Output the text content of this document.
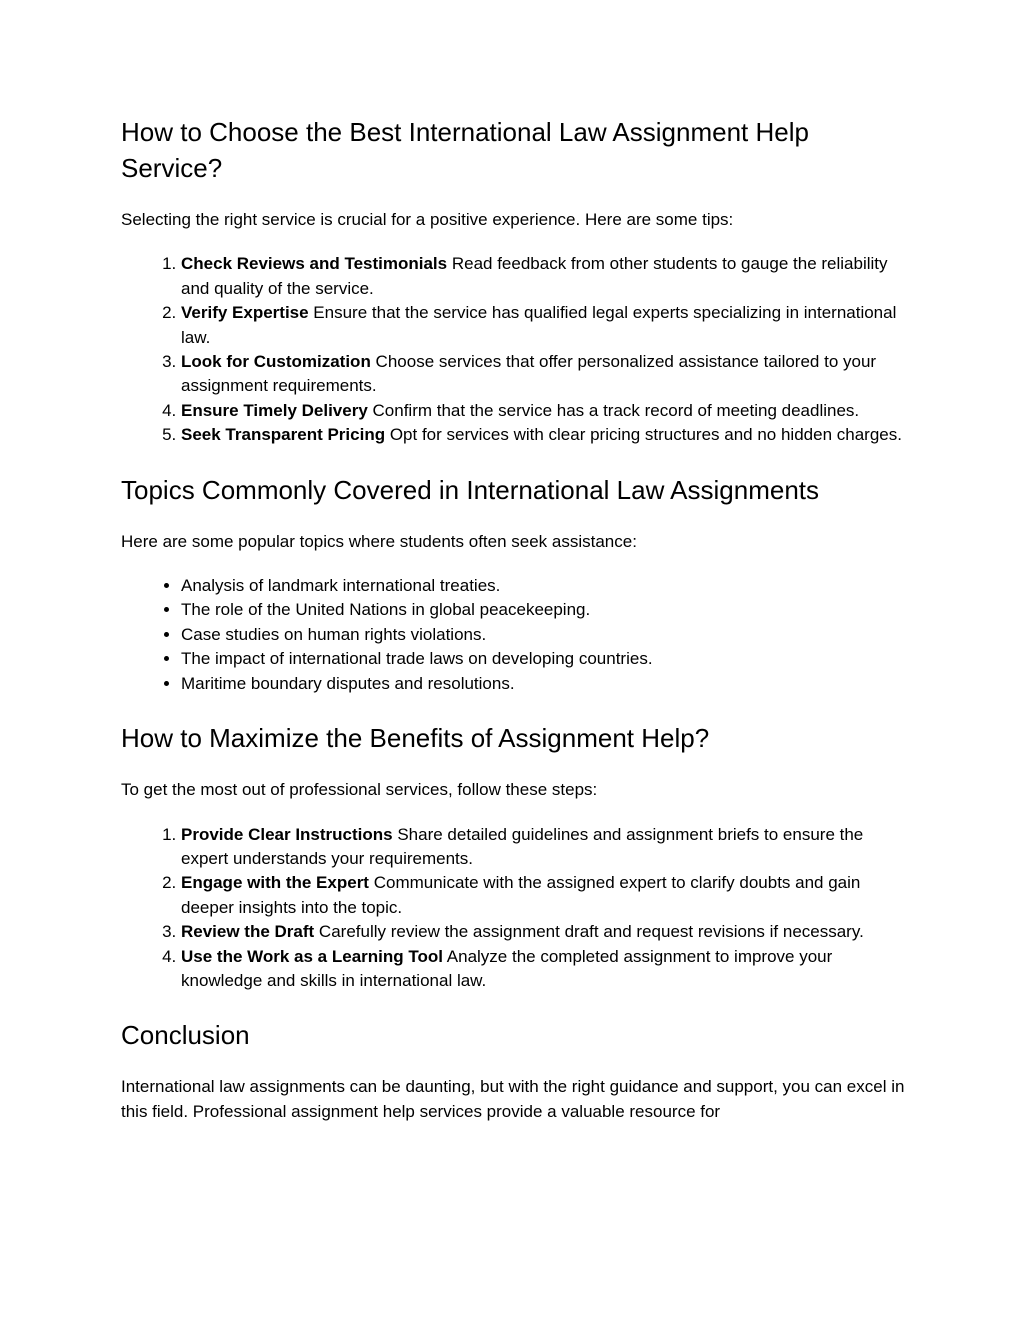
How to Choose the Best International Law Assignment Help Service?

Selecting the right service is crucial for a positive experience. Here are some tips:

1. Check Reviews and Testimonials Read feedback from other students to gauge the reliability and quality of the service.
2. Verify Expertise Ensure that the service has qualified legal experts specializing in international law.
3. Look for Customization Choose services that offer personalized assistance tailored to your assignment requirements.
4. Ensure Timely Delivery Confirm that the service has a track record of meeting deadlines.
5. Seek Transparent Pricing Opt for services with clear pricing structures and no hidden charges.
Topics Commonly Covered in International Law Assignments

Here are some popular topics where students often seek assistance:

• Analysis of landmark international treaties.
• The role of the United Nations in global peacekeeping.
• Case studies on human rights violations.
• The impact of international trade laws on developing countries.
• Maritime boundary disputes and resolutions.
How to Maximize the Benefits of Assignment Help?

To get the most out of professional services, follow these steps:

1. Provide Clear Instructions Share detailed guidelines and assignment briefs to ensure the expert understands your requirements.
2. Engage with the Expert Communicate with the assigned expert to clarify doubts and gain deeper insights into the topic.
3. Review the Draft Carefully review the assignment draft and request revisions if necessary.
4. Use the Work as a Learning Tool Analyze the completed assignment to improve your knowledge and skills in international law.
Conclusion

International law assignments can be daunting, but with the right guidance and support, you can excel in this field. Professional assignment help services provide a valuable resource for
